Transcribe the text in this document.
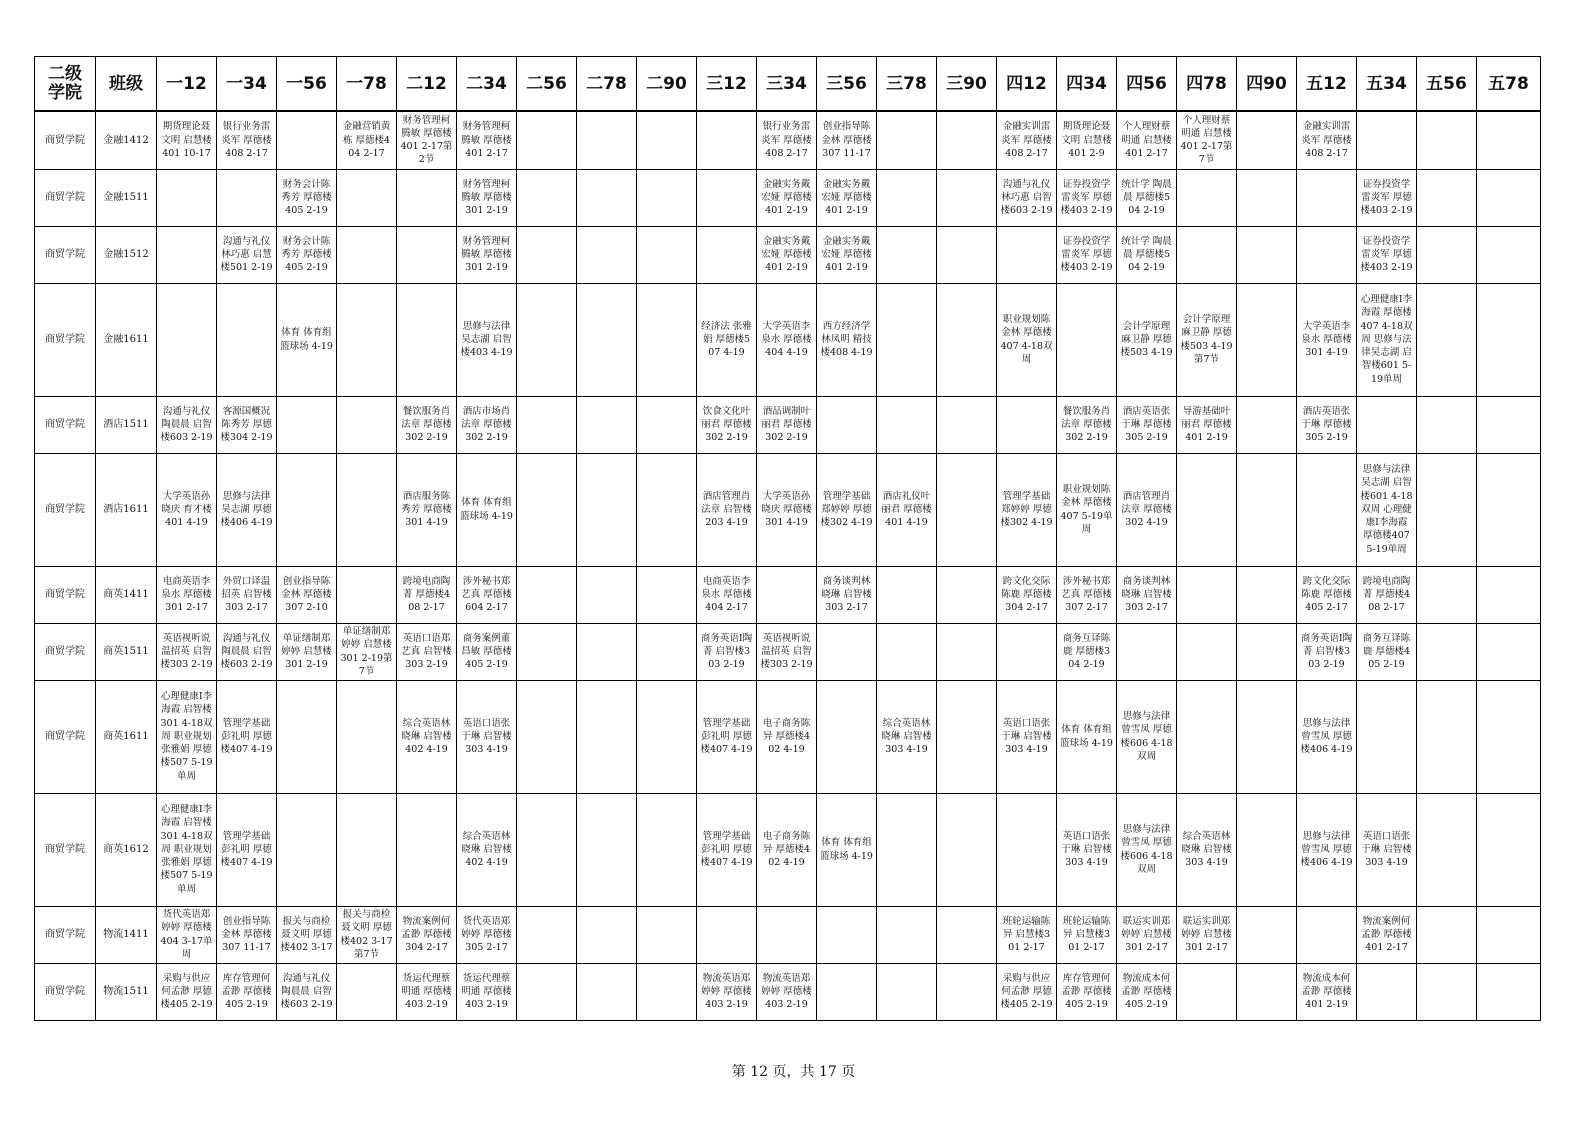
二级学院	班级	一12	一34	一56	一78	二12	二34	二56	二78	二90	三12	三34	三56	三78	三90	四12	四34	四56	四78	四90	五12	五34	五56	五78
商贸学院	金融1412	期货理论聂文明 启慧楼401 10-17	银行业务雷炎军 厚德楼408 2-17		金融营销黄栋 厚德楼404 2-17	财务管理柯腾敏 厚德楼401 2-17第2节	财务管理柯腾敏 厚德楼401 2-17					银行业务雷炎军 厚德楼408 2-17	创业指导陈金林 厚德楼307 11-17			金融实训雷炎军 厚德楼408 2-17	期货理论聂文明 启慧楼401 2-9	个人理财蔡明通 启慧楼401 2-17	个人理财蔡明通 启慧楼401 2-17第7节		金融实训雷炎军 厚德楼408 2-17			

商贸学院	金融1511			财务会计陈秀芳 厚德楼405 2-19			财务管理柯腾敏 厚德楼301 2-19					金融实务戴宏娅 厚德楼401 2-19	金融实务戴宏娅 厚德楼401 2-19			沟通与礼仪林巧惠 启智楼603 2-19	证券投资学雷炎军 厚德楼403 2-19	统计学 陶晨晨 厚德楼504 2-19				证券投资学雷炎军 厚德楼403 2-19		

商贸学院	金融1512		沟通与礼仪林巧惠 启慧楼501 2-19	财务会计陈秀芳 厚德楼405 2-19			财务管理柯腾敏 厚德楼301 2-19					金融实务戴宏娅 厚德楼401 2-19	金融实务戴宏娅 厚德楼401 2-19				证券投资学雷炎军 厚德楼403 2-19	统计学 陶晨晨 厚德楼504 2-19				证券投资学雷炎军 厚德楼403 2-19		

商贸学院	金融1611			体育 体育组 篮球场 4-19			思修与法律吴志湖 启智楼403 4-19				经济法 张雅娟 厚德楼507 4-19	大学英语李泉水 厚德楼404 4-19	西方经济学林凤明 精技楼408 4-19			职业规划陈金林 厚德楼407 4-18双周		会计学原理麻卫静 厚德楼503 4-19	会计学原理麻卫静 厚德楼503 4-19第7节		大学英语李泉水 厚德楼301 4-19	心理健康Ⅰ李海霞 厚德楼407 4-18双周 思修与法律吴志湖 启智楼601 5-19单周		

商贸学院	酒店1511	沟通与礼仪陶晨晨 启智楼603 2-19	客源国概况陈秀芳 厚德楼304 2-19			餐饮服务肖法章 厚德楼302 2-19	酒店市场肖法章 厚德楼302 2-19				饮食文化叶丽君 厚德楼302 2-19	酒品调制叶丽君 厚德楼302 2-19					餐饮服务肖法章 厚德楼302 2-19	酒店英语张于琳 厚德楼305 2-19	导游基础叶丽君 厚德楼401 2-19		酒店英语张于琳 厚德楼305 2-19			

商贸学院	酒店1611	大学英语孙晓庆 育才楼401 4-19	思修与法律吴志湖 厚德楼406 4-19			酒店服务陈秀芳 厚德楼301 4-19	体育 体育组 篮球场 4-19				酒店管理肖法章 启智楼203 4-19	大学英语孙晓庆 厚德楼301 4-19	管理学基础郑婷婷 厚德楼302 4-19	酒店礼仪叶丽君 厚德楼401 4-19		管理学基础郑婷婷 厚德楼302 4-19	职业规划陈金林 厚德楼407 5-19单周	酒店管理肖法章 厚德楼302 4-19				思修与法律吴志湖 启智楼601 4-18双周 心理健康Ⅰ李海霞 厚德楼407 5-19单周		

商贸学院	商英1411	电商英语李泉水 厚德楼301 2-17	外贸口译温招英 启智楼303 2-17	创业指导陈金林 厚德楼307 2-10		跨境电商陶菁 厚德楼408 2-17	涉外秘书郑艺真 厚德楼604 2-17				电商英语李泉水 厚德楼404 2-17		商务谈判林晓琳 启智楼303 2-17			跨文化交际陈鹿 厚德楼304 2-17	涉外秘书郑艺真 厚德楼307 2-17	商务谈判林晓琳 启智楼303 2-17			跨文化交际陈鹿 厚德楼405 2-17	跨境电商陶菁 厚德楼408 2-17		

商贸学院	商英1511	英语视听说温招英 启智楼303 2-19	沟通与礼仪陶晨晨 启智楼603 2-19	单证缮制郑婷婷 启慧楼301 2-19	单证缮制郑婷婷 启慧楼301 2-19第7节	英语口语郑艺真 启智楼303 2-19	商务案例董昌敏 厚德楼405 2-19				商务英语Ⅰ陶菁 启智楼303 2-19	英语视听说温招英 启智楼303 2-19					商务互译陈鹿 厚德楼304 2-19				商务英语Ⅰ陶菁 启智楼303 2-19	商务互译陈鹿 厚德楼405 2-19		

商贸学院	商英1611	心理健康Ⅰ李海霞 启智楼301 4-18双周 职业规划 张雅娟 厚德楼507 5-19单周	管理学基础彭礼明 厚德楼407 4-19			综合英语林晓琳 启智楼402 4-19	英语口语张于琳 启智楼303 4-19				管理学基础彭礼明 厚德楼407 4-19	电子商务陈异 厚德楼402 4-19		综合英语林晓琳 启智楼303 4-19		英语口语张于琳 启智楼303 4-19	体育 体育组 篮球场 4-19	思修与法律曾雪凤 厚德楼606 4-18双周			思修与法律曾雪凤 厚德楼406 4-19			

商贸学院	商英1612	心理健康Ⅰ李海霞 启智楼301 4-18双周 职业规划 张雅娟 厚德楼507 5-19单周	管理学基础彭礼明 厚德楼407 4-19				综合英语林晓琳 启智楼402 4-19				管理学基础彭礼明 厚德楼407 4-19	电子商务陈异 厚德楼402 4-19	体育 体育组 篮球场 4-19				英语口语张于琳 启智楼303 4-19	思修与法律曾雪凤 厚德楼606 4-18双周	综合英语林晓琳 启智楼303 4-19		思修与法律曾雪凤 厚德楼406 4-19	英语口语张于琳 启智楼303 4-19		

商贸学院	物流1411	货代英语郑婷婷 厚德楼404 3-17单周	创业指导陈金林 厚德楼307 11-17	报关与商检聂文明 厚德楼402 3-17	报关与商检聂文明 厚德楼402 3-17第7节	物流案例何孟渺 厚德楼304 2-17	货代英语郑婷婷 厚德楼305 2-17									班轮运输陈异 启慧楼301 2-17	班轮运输陈异 启慧楼301 2-17	联运实训郑婷婷 启慧楼301 2-17	联运实训郑婷婷 启慧楼301 2-17			物流案例何孟渺 厚德楼401 2-17		

商贸学院	物流1511	采购与供应何孟渺 厚德楼405 2-19	库存管理何孟渺 厚德楼405 2-19	沟通与礼仪陶晨晨 启智楼603 2-19		货运代理蔡明通 厚德楼403 2-19	货运代理蔡明通 厚德楼403 2-19				物流英语郑婷婷 厚德楼403 2-19	物流英语郑婷婷 厚德楼403 2-19				采购与供应何孟渺 厚德楼405 2-19	库存管理何孟渺 厚德楼405 2-19	物流成本何孟渺 厚德楼405 2-19			物流成本何孟渺 厚德楼401 2-19			

第 12 页，共 17 页
